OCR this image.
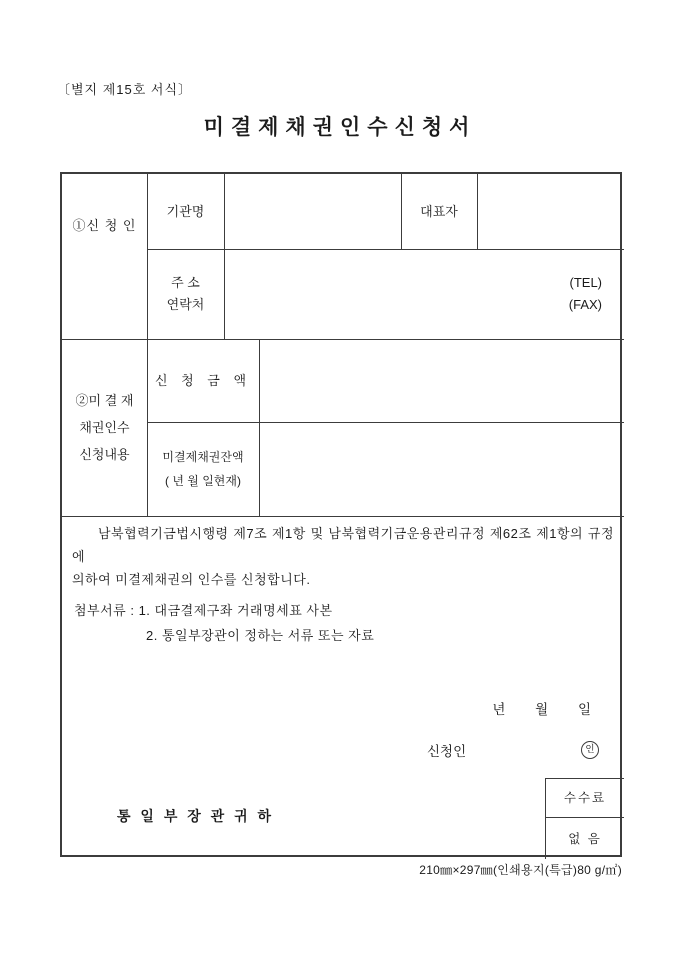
〔별지 제15호 서식〕
미결제채권인수신청서
①신 청 인
기관명	대표자
주 소
연락처
(TEL)
(FAX)
②미 결 재
채권인수
신청내용
신 청 금 액
미결제채권잔액
( 년 월 일현재)
남북협력기금법시행령 제7조 제1항 및 남북협력기금운용관리규정 제62조 제1항의 규정에
의하여 미결제채권의 인수를 신청합니다.
첨부서류 : 1. 대금결제구좌 거래명세표 사본
2. 통일부장관이 정하는 서류 또는 자료
년 월 일
신청인	인
통 일 부 장 관 귀 하
수수료
없 음
210㎜×297㎜(인쇄용지(특급)80 g/㎡)
